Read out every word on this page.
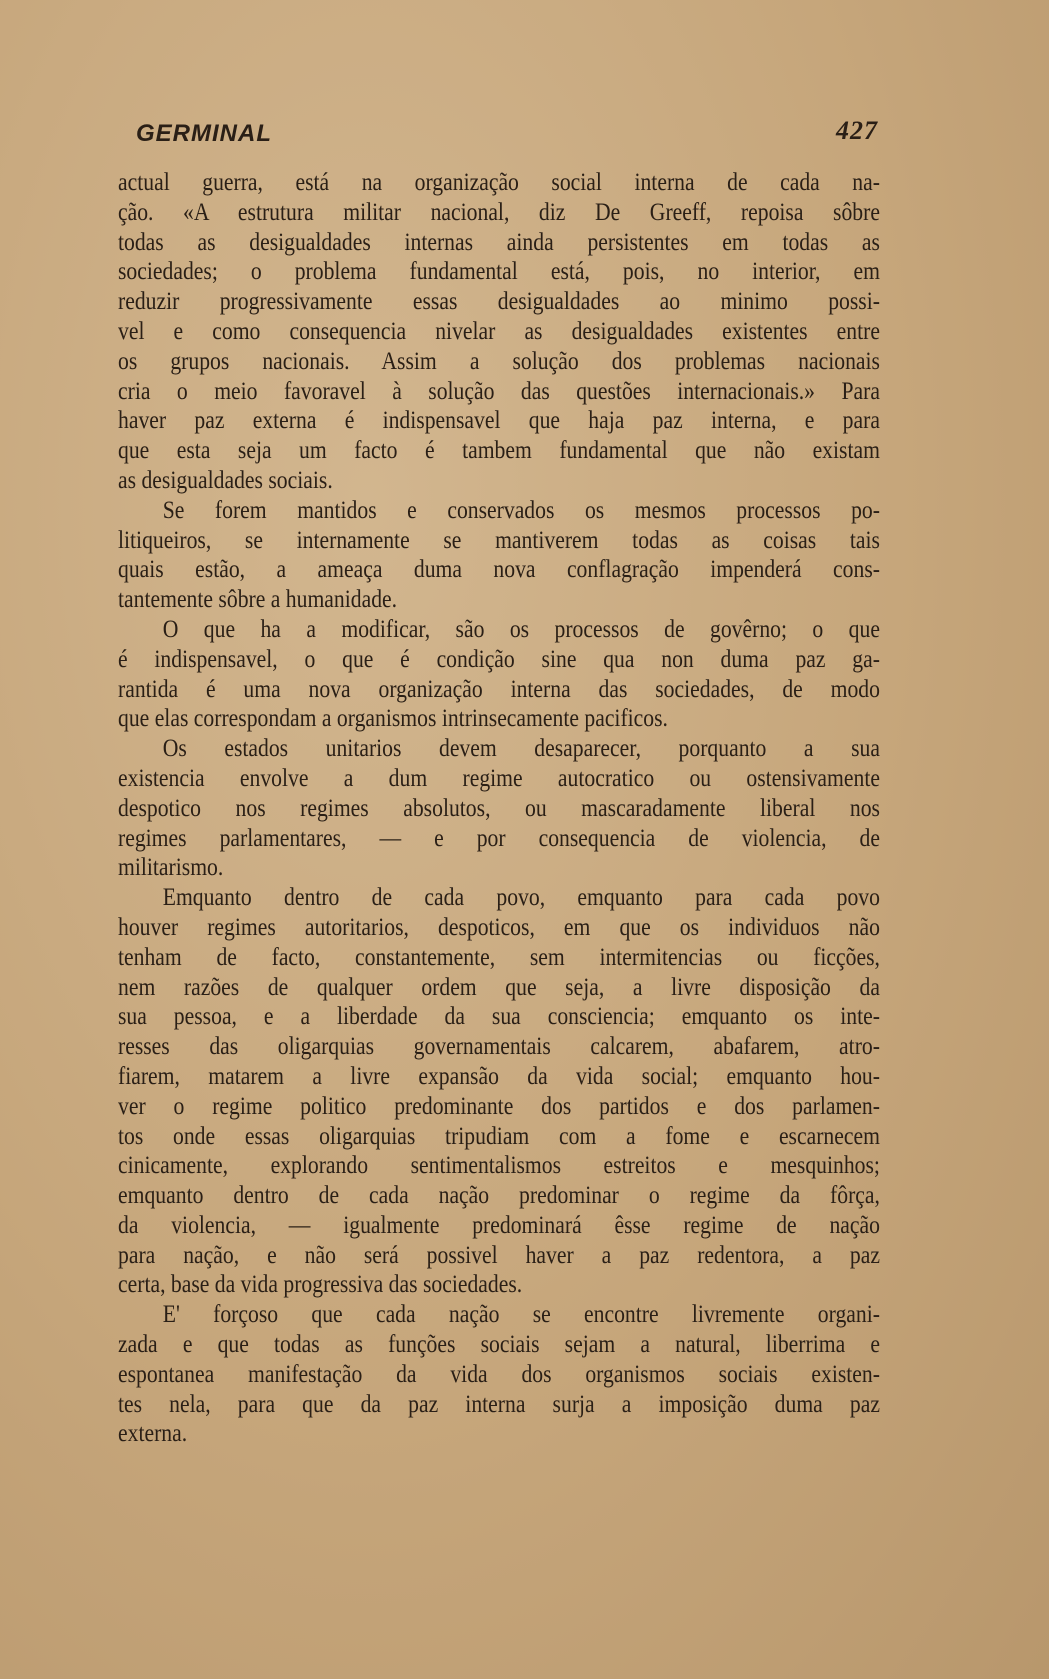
GERMINAL	427

actual guerra, está na organização social interna de cada na-
ção. «A estrutura militar nacional, diz De Greeff, repoisa sôbre
todas as desigualdades internas ainda persistentes em todas as
sociedades; o problema fundamental está, pois, no interior, em
reduzir progressivamente essas desigualdades ao minimo possi-
vel e como consequencia nivelar as desigualdades existentes entre
os grupos nacionais. Assim a solução dos problemas nacionais
cria o meio favoravel à solução das questões internacionais.» Para
haver paz externa é indispensavel que haja paz interna, e para
que esta seja um facto é tambem fundamental que não existam
as desigualdades sociais.

Se forem mantidos e conservados os mesmos processos po-
litiqueiros, se internamente se mantiverem todas as coisas tais
quais estão, a ameaça duma nova conflagração impenderá cons-
tantemente sôbre a humanidade.

O que ha a modificar, são os processos de govêrno; o que
é indispensavel, o que é condição sine qua non duma paz ga-
rantida é uma nova organização interna das sociedades, de modo
que elas correspondam a organismos intrinsecamente pacificos.

Os estados unitarios devem desaparecer, porquanto a sua
existencia envolve a dum regime autocratico ou ostensivamente
despotico nos regimes absolutos, ou mascaradamente liberal nos
regimes parlamentares, — e por consequencia de violencia, de
militarismo.

Emquanto dentro de cada povo, emquanto para cada povo
houver regimes autoritarios, despoticos, em que os individuos não
tenham de facto, constantemente, sem intermitencias ou ficções,
nem razões de qualquer ordem que seja, a livre disposição da
sua pessoa, e a liberdade da sua consciencia; emquanto os inte-
resses das oligarquias governamentais calcarem, abafarem, atro-
fiarem, matarem a livre expansão da vida social; emquanto hou-
ver o regime politico predominante dos partidos e dos parlamen-
tos onde essas oligarquias tripudiam com a fome e escarnecem
cinicamente, explorando sentimentalismos estreitos e mesquinhos;
emquanto dentro de cada nação predominar o regime da fôrça,
da violencia, — igualmente predominará êsse regime de nação
para nação, e não será possivel haver a paz redentora, a paz
certa, base da vida progressiva das sociedades.

E' forçoso que cada nação se encontre livremente organi-
zada e que todas as funções sociais sejam a natural, liberrima e
espontanea manifestação da vida dos organismos sociais existen-
tes nela, para que da paz interna surja a imposição duma paz
externa.
